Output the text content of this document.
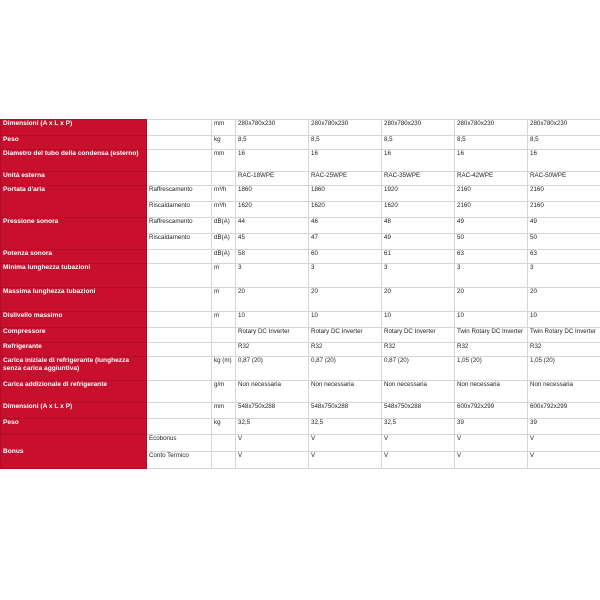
Dimensioni (A x L x P)		mm	280x780x230	280x780x230	280x780x230	280x780x230	280x780x230
Peso		kg	8,5	8,5	8,5	8,5	8,5
Diametro del tubo della condensa (esterno)		mm	16	16	16	16	16
Unità esterna			RAC-18WPE	RAC-25WPE	RAC-35WPE	RAC-42WPE	RAC-50WPE
Portata d'aria	Raffrescamento	m³/h	1860	1860	1920	2160	2160
	Riscaldamento	m³/h	1620	1620	1620	2160	2160
Pressione sonora	Raffrescamento	dB(A)	44	46	48	49	49
	Riscaldamento	dB(A)	45	47	49	50	50
Potenza sonora		dB(A)	58	60	61	63	63
Minima lunghezza tubazioni		m	3	3	3	3	3
Massima lunghezza tubazioni		m	20	20	20	20	20
Dislivello massimo		m	10	10	10	10	10
Compressore			Rotary DC Inverter	Rotary DC Inverter	Rotary DC Inverter	Twin Rotary DC Inverter	Twin Rotary DC Inverter
Refrigerante			R32	R32	R32	R32	R32
Carica iniziale di refrigerante (lunghezza senza carica aggiuntiva)		kg (m)	0,87 (20)	0,87 (20)	0,87 (20)	1,05 (20)	1,05 (20)
Carica addizionale di refrigerante		g/m	Non necessaria	Non necessaria	Non necessaria	Non necessaria	Non necessaria
Dimensioni (A x L x P)		mm	548x750x288	548x750x288	548x750x288	600x792x299	600x792x299
Peso		kg	32,5	32,5	32,5	39	39
Bonus	Ecobonus		V	V	V	V	V
	Conto Termico		V	V	V	V	V
